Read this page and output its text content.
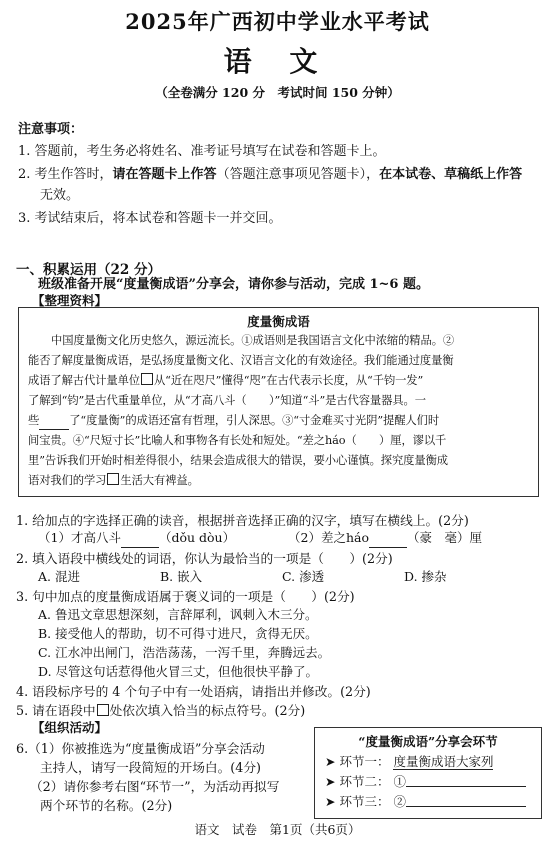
2025年广西初中学业水平考试
语 文
（全卷满分 120 分　考试时间 150 分钟）
注意事项：
1. 答题前，考生务必将姓名、准考证号填写在试卷和答题卡上。
2. 考生作答时，请在答题卡上作答（答题注意事项见答题卡），在本试卷、草稿纸上作答
无效。
3. 考试结束后，将本试卷和答题卡一并交回。
一、积累运用（22 分）
班级准备开展“度量衡成语”分享会，请你参与活动，完成 1~6 题。
【整理资料】
度量衡成语
中国度量衡文化历史悠久，源远流长。①成语则是我国语言文化中浓缩的精品。②
能否了解度量衡成语，是弘扬度量衡文化、汉语言文化的有效途径。我们能通过度量衡
成语了解古代计量单位 从“近在咫尺”懂得“咫”在古代表示长度，从“千钧一发”
了解到“钧”是古代重量单位，从“才高八斗（　　）”知道“斗”是古代容量器具。一
些	了“度量衡”的成语还富有哲理，引人深思。③“寸金难买寸光阴”提醒人们时
间宝贵。④“尺短寸长”比喻人和事物各有长处和短处。“差之háo（　　）厘，谬以千
里”告诉我们开始时相差得很小，结果会造成很大的错误，要小心谨慎。探究度量衡成
语对我们的学习 生活大有裨益。
1. 给加点的字选择正确的读音，根据拼音选择正确的汉字，填写在横线上。(2分)
（1）才高八斗	（dǒu dòu）	（2）差之háo	（豪　毫）厘
2. 填入语段中横线处的词语，你认为最恰当的一项是（　　）(2分)
A. 混进	B. 嵌入	C. 渗透	D. 掺杂
3. 句中加点的度量衡成语属于褒义词的一项是（　　）(2分)
A. 鲁迅文章思想深刻，言辞犀利，讽刺入木三分。
B. 接受他人的帮助，切不可得寸进尺，贪得无厌。
C. 江水冲出闸门，浩浩荡荡，一泻千里，奔腾远去。
D. 尽管这句话惹得他火冒三丈，但他很快平静了。
4. 语段标序号的 4 个句子中有一处语病，请指出并修改。(2分)
5. 请在语段中 处依次填入恰当的标点符号。(2分)
【组织活动】
6.（1）你被推选为“度量衡成语”分享会活动
主持人，请写一段简短的开场白。(4分)
（2）请你参考右图“环节一”，为活动再拟写
两个环节的名称。(2分)
“度量衡成语”分享会环节
➤ 环节一： 度量衡成语大家列
➤ 环节二： ①
➤ 环节三： ②
语文　试卷　第1页（共6页）
